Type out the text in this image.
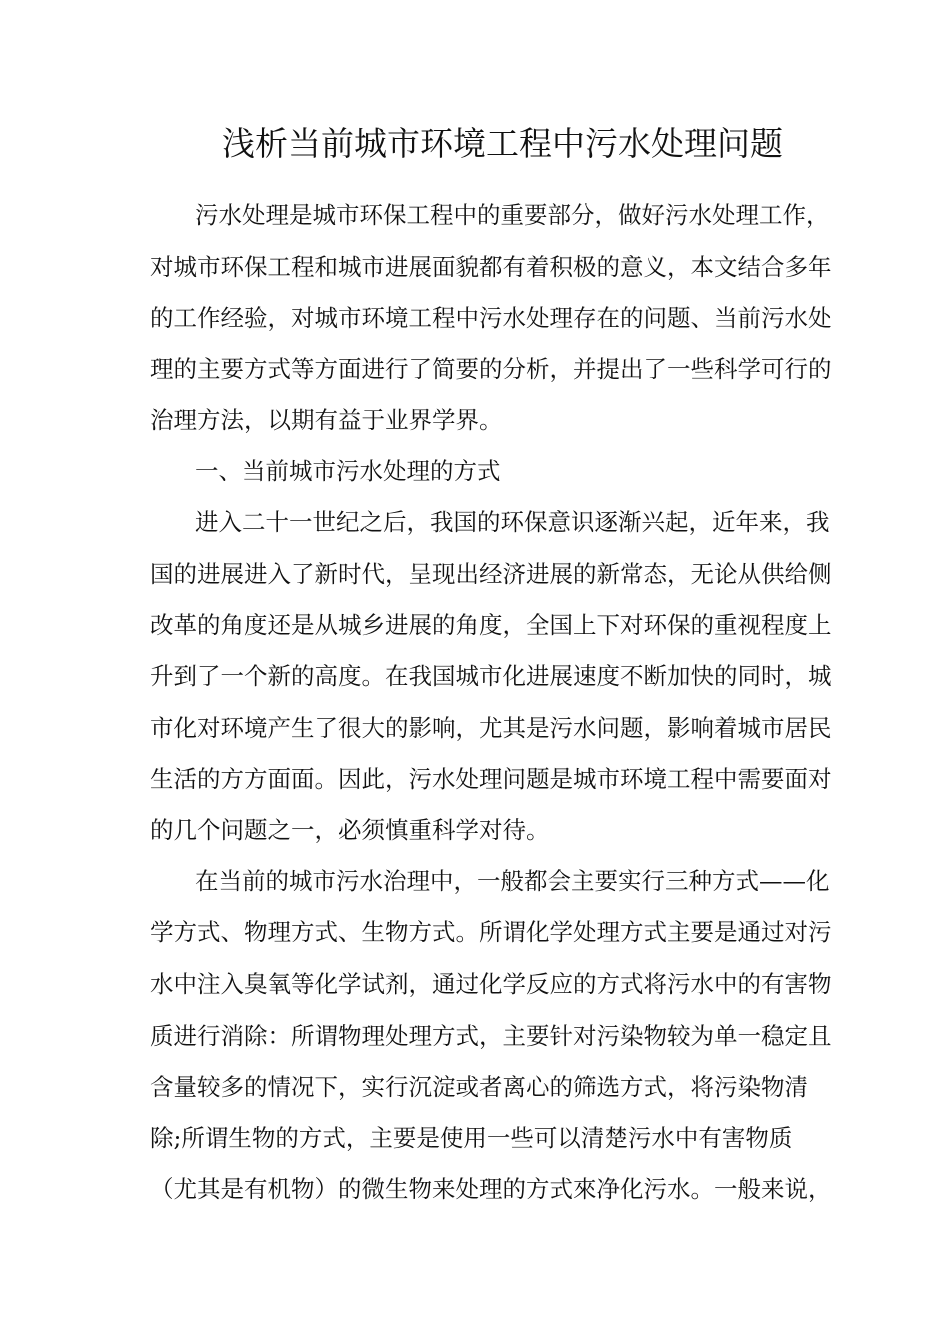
浅析当前城市环境工程中污水处理问题
污水处理是城市环保工程中的重要部分，做好污水处理工作，
对城市环保工程和城市进展面貌都有着积极的意义，本文结合多年
的工作经验，对城市环境工程中污水处理存在的问题、当前污水处
理的主要方式等方面进行了简要的分析，并提出了一些科学可行的
治理方法，以期有益于业界学界。
一、当前城市污水处理的方式
进入二十一世纪之后，我国的环保意识逐渐兴起，近年来，我
国的进展进入了新时代，呈现出经济进展的新常态，无论从供给侧
改革的角度还是从城乡进展的角度，全国上下对环保的重视程度上
升到了一个新的高度。在我国城市化进展速度不断加快的同时，城
市化对环境产生了很大的影响，尤其是污水问题，影响着城市居民
生活的方方面面。因此，污水处理问题是城市环境工程中需要面对
的几个问题之一，必须慎重科学对待。
在当前的城市污水治理中，一般都会主要实行三种方式——化
学方式、物理方式、生物方式。所谓化学处理方式主要是通过对污
水中注入臭氧等化学试剂，通过化学反应的方式将污水中的有害物
质进行消除：所谓物理处理方式，主要针对污染物较为单一稳定且
含量较多的情况下，实行沉淀或者离心的筛选方式，将污染物清
除;所谓生物的方式，主要是使用一些可以清楚污水中有害物质
（尤其是有机物）的微生物来处理的方式來净化污水。一般来说，
